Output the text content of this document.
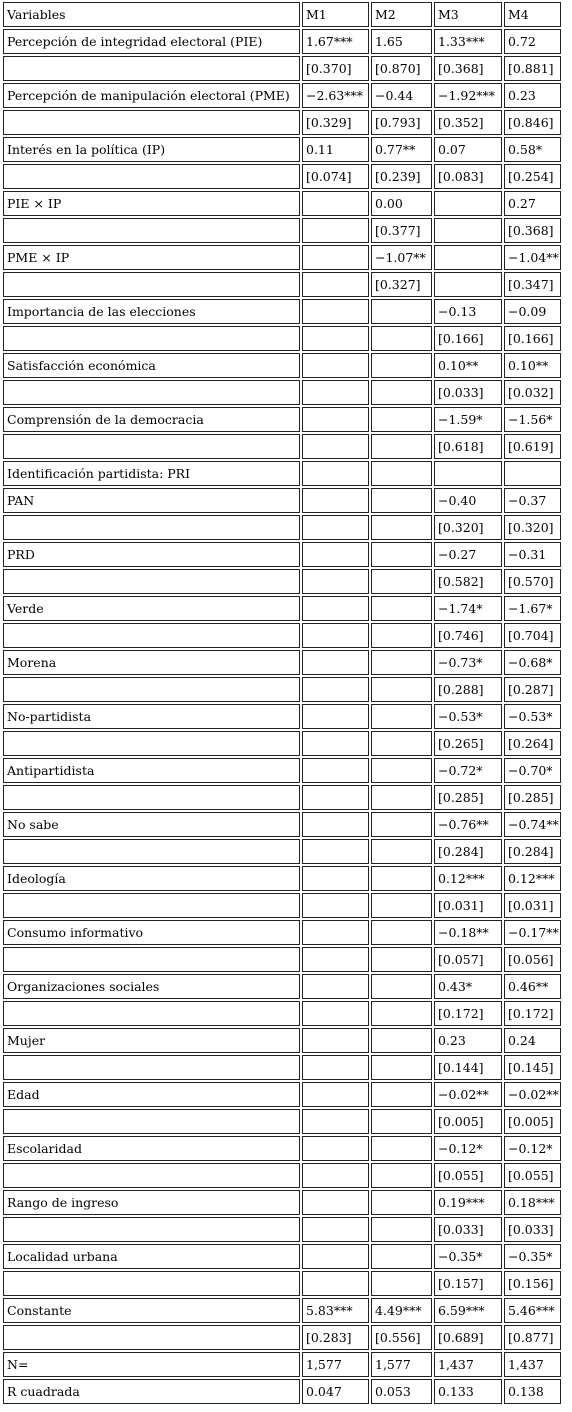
Variables	M1	M2	M3	M4
Percepción de integridad electoral (PIE)	1.67***	1.65	1.33***	0.72
	[0.370]	[0.870]	[0.368]	[0.881]
Percepción de manipulación electoral (PME)	−2.63***	−0.44	−1.92***	0.23
	[0.329]	[0.793]	[0.352]	[0.846]
Interés en la política (IP)	0.11	0.77**	0.07	0.58*
	[0.074]	[0.239]	[0.083]	[0.254]
PIE × IP		0.00		0.27
		[0.377]		[0.368]
PME × IP		−1.07**		−1.04**
		[0.327]		[0.347]
Importancia de las elecciones			−0.13	−0.09
			[0.166]	[0.166]
Satisfacción económica			0.10**	0.10**
			[0.033]	[0.032]
Comprensión de la democracia			−1.59*	−1.56*
			[0.618]	[0.619]
Identificación partidista: PRI				
PAN			−0.40	−0.37
			[0.320]	[0.320]
PRD			−0.27	−0.31
			[0.582]	[0.570]
Verde			−1.74*	−1.67*
			[0.746]	[0.704]
Morena			−0.73*	−0.68*
			[0.288]	[0.287]
No-partidista			−0.53*	−0.53*
			[0.265]	[0.264]
Antipartidista			−0.72*	−0.70*
			[0.285]	[0.285]
No sabe			−0.76**	−0.74**
			[0.284]	[0.284]
Ideología			0.12***	0.12***
			[0.031]	[0.031]
Consumo informativo			−0.18**	−0.17**
			[0.057]	[0.056]
Organizaciones sociales			0.43*	0.46**
			[0.172]	[0.172]
Mujer			0.23	0.24
			[0.144]	[0.145]
Edad			−0.02**	−0.02**
			[0.005]	[0.005]
Escolaridad			−0.12*	−0.12*
			[0.055]	[0.055]
Rango de ingreso			0.19***	0.18***
			[0.033]	[0.033]
Localidad urbana			−0.35*	−0.35*
			[0.157]	[0.156]
Constante	5.83***	4.49***	6.59***	5.46***
	[0.283]	[0.556]	[0.689]	[0.877]
N=	1,577	1,577	1,437	1,437
R cuadrada	0.047	0.053	0.133	0.138
